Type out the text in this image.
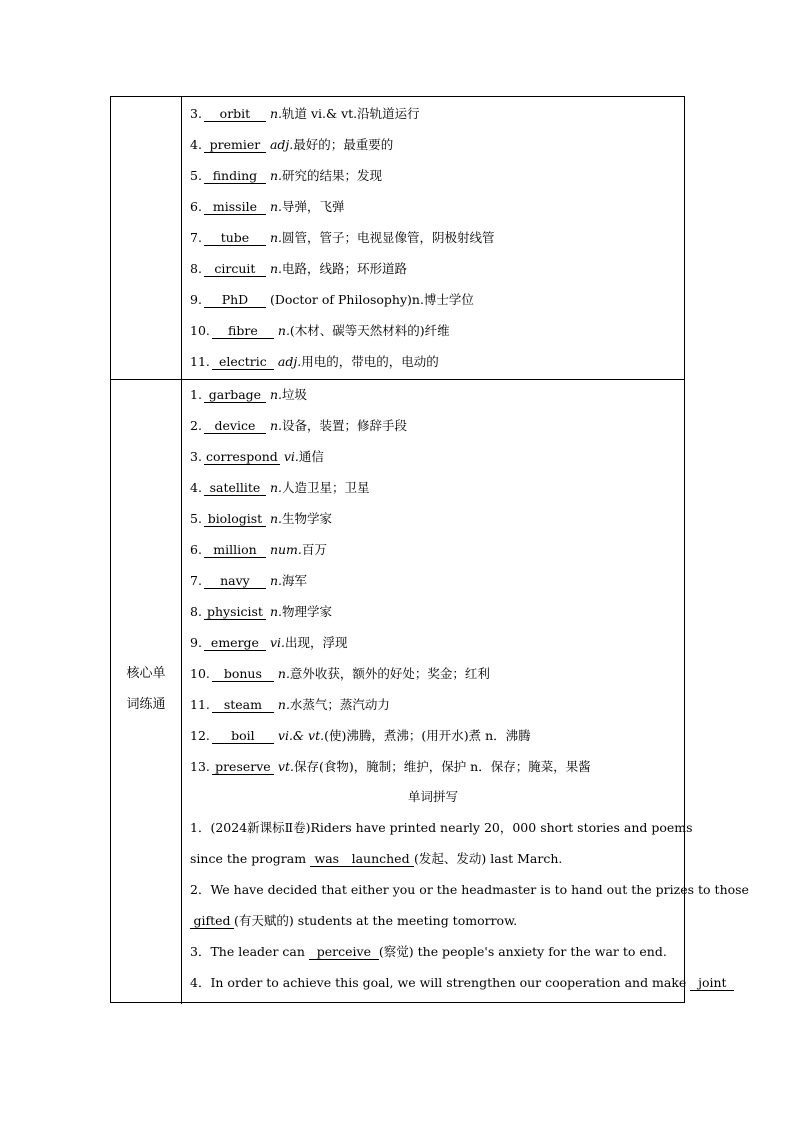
3. orbit n.轨道 vi.& vt.沿轨道运行
4. premier adj.最好的；最重要的
5. finding n.研究的结果；发现
6. missile n.导弹，飞弹
7. tube n.圆管，管子；电视显像管，阴极射线管
8. circuit n.电路，线路；环形道路
9. PhD (Doctor of Philosophy)n.博士学位
10. fibre n.(木材、碳等天然材料的)纤维
11. electric adj.用电的，带电的，电动的
核心单
词练通
单词拼写
1．(2024新课标Ⅱ卷)Riders have printed nearly 20，000 short stories and poems
since the program was　launched (发起、发动) last March.
2．We have decided that either you or the headmaster is to hand out the prizes to those
gifted (有天赋的) students at the meeting tomorrow.
3．The leader can perceive (察觉) the people's anxiety for the war to end.
4．In order to achieve this goal, we will strengthen our cooperation and make joint
1. garbage n.垃圾
2. device n.设备，装置；修辞手段
3. correspond vi.通信
4. satellite n.人造卫星；卫星
5. biologist n.生物学家
6. million num.百万
7. navy n.海军
8. physicist n.物理学家
9. emerge vi.出现，浮现
10. bonus n.意外收获，额外的好处；奖金；红利
11. steam n.水蒸气；蒸汽动力
12. boil vi.& vt.(使)沸腾，煮沸；(用开水)煮 n．沸腾
13. preserve vt.保存(食物)，腌制；维护，保护 n．保存；腌菜，果酱
